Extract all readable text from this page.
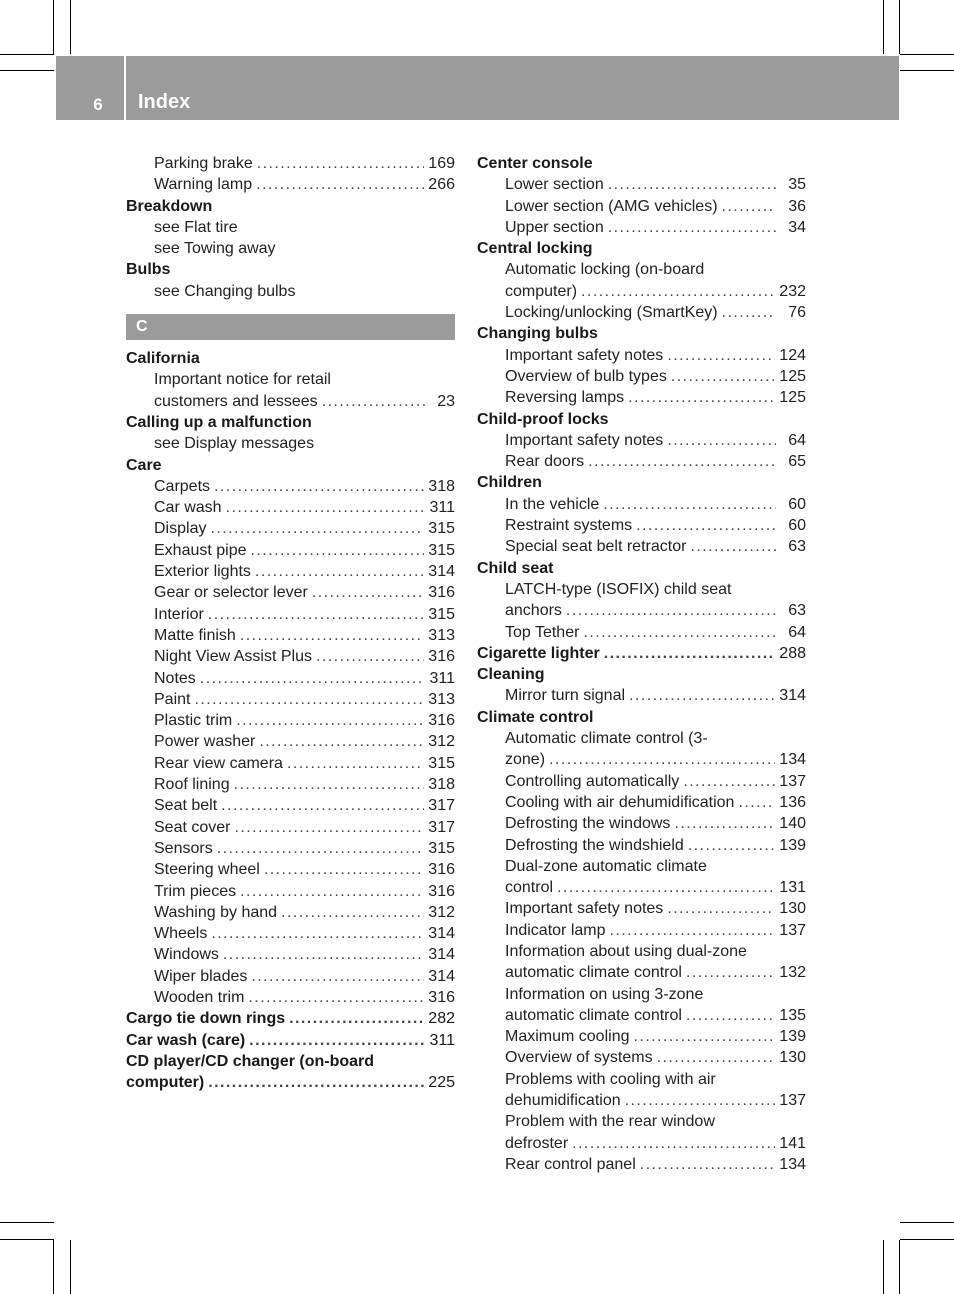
6	Index
Parking brake . . .	169
Warning lamp . . .	266
Breakdown
see Flat tire
see Towing away
Bulbs
see Changing bulbs
C
California
Important notice for retail
customers and lessees . . .	23
Calling up a malfunction
see Display messages
Care
Carpets . . .	318
Car wash . . .	311
Display . . .	315
Exhaust pipe . . .	315
Exterior lights . . .	314
Gear or selector lever . . .	316
Interior . . .	315
Matte finish . . .	313
Night View Assist Plus . . .	316
Notes . . .	311
Paint . . .	313
Plastic trim . . .	316
Power washer . . .	312
Rear view camera . . .	315
Roof lining . . .	318
Seat belt . . .	317
Seat cover . . .	317
Sensors . . .	315
Steering wheel . . .	316
Trim pieces . . .	316
Washing by hand . . .	312
Wheels . . .	314
Windows . . .	314
Wiper blades . . .	314
Wooden trim . . .	316
Cargo tie down rings . . .	282
Car wash (care) . . .	311
CD player/CD changer (on-board
computer) . . .	225
Center console
Lower section . . .	35
Lower section (AMG vehicles) . . .	36
Upper section . . .	34
Central locking
Automatic locking (on-board
computer) . . .	232
Locking/unlocking (SmartKey) . . .	76
Changing bulbs
Important safety notes . . .	124
Overview of bulb types . . .	125
Reversing lamps . . .	125
Child-proof locks
Important safety notes . . .	64
Rear doors . . .	65
Children
In the vehicle . . .	60
Restraint systems . . .	60
Special seat belt retractor . . .	63
Child seat
LATCH-type (ISOFIX) child seat
anchors . . .	63
Top Tether . . .	64
Cigarette lighter . . .	288
Cleaning
Mirror turn signal . . .	314
Climate control
Automatic climate control (3-
zone) . . .	134
Controlling automatically . . .	137
Cooling with air dehumidification . . .	136
Defrosting the windows . . .	140
Defrosting the windshield . . .	139
Dual-zone automatic climate
control . . .	131
Important safety notes . . .	130
Indicator lamp . . .	137
Information about using dual-zone
automatic climate control . . .	132
Information on using 3-zone
automatic climate control . . .	135
Maximum cooling . . .	139
Overview of systems . . .	130
Problems with cooling with air
dehumidification . . .	137
Problem with the rear window
defroster . . .	141
Rear control panel . . .	134
